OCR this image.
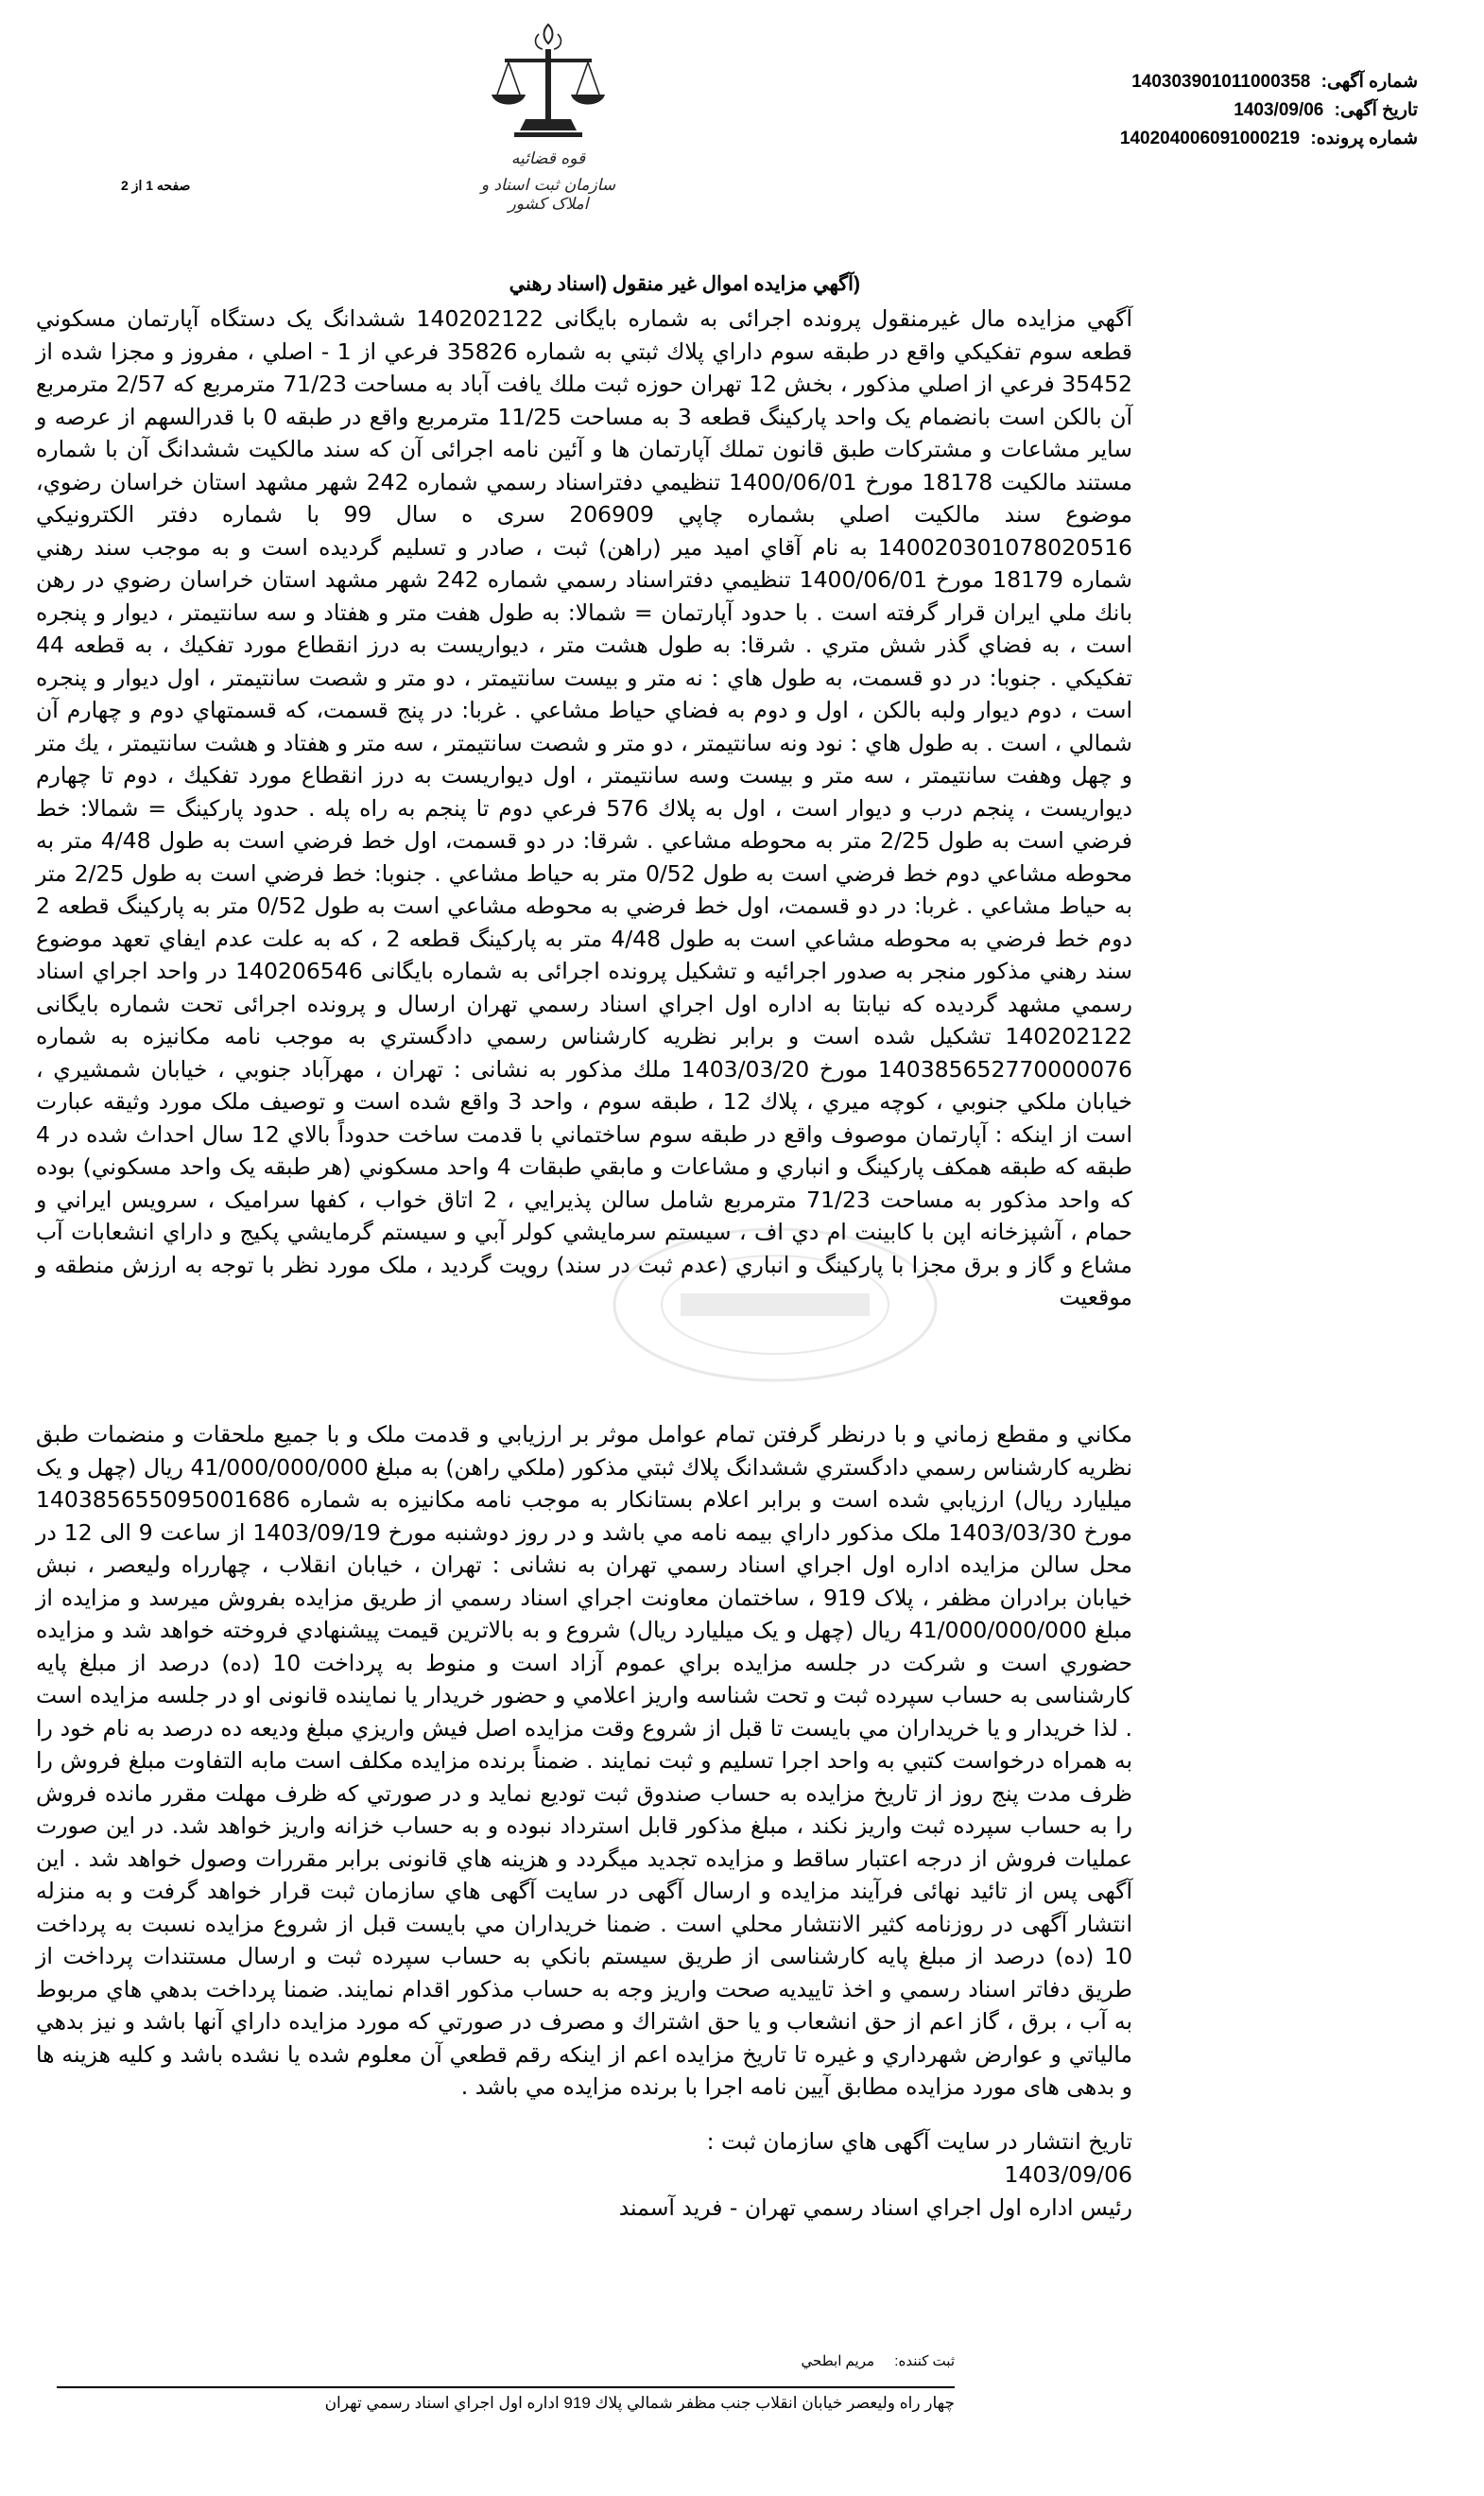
شماره آگهی: 140303901011000358
تاريخ آگهی: 1403/09/06
شماره پرونده: 140204006091000219
قوه قضائیه
سازمان ثبت اسناد و املاک کشور
صفحه 1 از 2
(آگهي مزايده اموال غير منقول (اسناد رهني
آگهي مزايده مال غيرمنقول پرونده اجرائی به شماره بایگانی 140202122 ششدانگ يک دستگاه آپارتمان مسكوني قطعه سوم تفكيكي واقع در طبقه سوم داراي پلاك ثبتي به شماره 35826 فرعي از 1 - اصلي ، مفروز و مجزا شده از 35452 فرعي از اصلي مذكور ، بخش 12 تهران حوزه ثبت ملك يافت آباد به مساحت 71/23 مترمربع كه 2/57 مترمربع آن بالكن است بانضمام یک واحد پاركينگ قطعه 3 به مساحت 11/25 مترمربع واقع در طبقه 0 با قدرالسهم از عرصه و ساير مشاعات و مشتركات طبق قانون تملك آپارتمان ها و آئين نامه اجرائی آن كه سند مالكيت ششدانگ آن با شماره مستند مالكيت 18178 مورخ 1400/06/01 تنظيمي دفتراسناد رسمي شماره 242 شهر مشهد استان خراسان رضوي، موضوع سند مالكيت اصلي بشماره چاپي 206909 سری ه سال 99 با شماره دفتر الكترونيكي 140020301078020516 به نام آقاي اميد مير (راهن) ثبت ، صادر و تسليم گرديده است و به موجب سند رهني شماره 18179 مورخ 1400/06/01 تنظيمي دفتراسناد رسمي شماره 242 شهر مشهد استان خراسان رضوي در رهن بانك ملي ايران قرار گرفته است . با حدود آپارتمان = شمالا: به طول هفت متر و هفتاد و سه سانتيمتر ، ديوار و پنجره است ، به فضاي گذر شش متري . شرقا: به طول هشت متر ، ديواريست به درز انقطاع مورد تفكيك ، به قطعه 44 تفكيكي . جنوبا: در دو قسمت، به طول هاي : نه متر و بيست سانتيمتر ، دو متر و شصت سانتيمتر ، اول ديوار و پنجره است ، دوم ديوار ولبه بالكن ، اول و دوم به فضاي حياط مشاعي . غربا: در پنج قسمت، كه قسمتهاي دوم و چهارم آن شمالي ، است . به طول هاي : نود ونه سانتيمتر ، دو متر و شصت سانتيمتر ، سه متر و هفتاد و هشت سانتيمتر ، يك متر و چهل وهفت سانتيمتر ، سه متر و بيست وسه سانتيمتر ، اول ديواريست به درز انقطاع مورد تفكيك ، دوم تا چهارم ديواريست ، پنجم درب و ديوار است ، اول به پلاك 576 فرعي دوم تا پنجم به راه پله . حدود پاركينگ = شمالا: خط فرضي است به طول 2/25 متر به محوطه مشاعي . شرقا: در دو قسمت، اول خط فرضي است به طول 4/48 متر به محوطه مشاعي دوم خط فرضي است به طول 0/52 متر به حياط مشاعي . جنوبا: خط فرضي است به طول 2/25 متر به حياط مشاعي . غربا: در دو قسمت، اول خط فرضي به محوطه مشاعي است به طول 0/52 متر به پاركينگ قطعه 2 دوم خط فرضي به محوطه مشاعي است به طول 4/48 متر به پاركينگ قطعه 2 ، كه به علت عدم ايفاي تعهد موضوع سند رهني مذكور منجر به صدور اجرائيه و تشكيل پرونده اجرائی به شماره بایگانی 140206546 در واحد اجراي اسناد رسمي مشهد گرديده كه نيابتا به اداره اول اجراي اسناد رسمي تهران ارسال و پرونده اجرائی تحت شماره بایگانی 140202122 تشكيل شده است و برابر نظريه كارشناس رسمي دادگستري به موجب نامه مكانيزه به شماره 140385652770000076 مورخ 1403/03/20 ملك مذكور به نشانی : تهران ، مهرآباد جنوبي ، خيابان شمشيري ، خيابان ملكي جنوبي ، كوچه ميري ، پلاك 12 ، طبقه سوم ، واحد 3 واقع شده است و توصيف ملک مورد وثيقه عبارت است از اينكه : آپارتمان موصوف واقع در طبقه سوم ساختماني با قدمت ساخت حدوداً بالاي 12 سال احداث شده در 4 طبقه كه طبقه همكف پاركينگ و انباري و مشاعات و مابقي طبقات 4 واحد مسكوني (هر طبقه يک واحد مسكوني) بوده كه واحد مذكور به مساحت 71/23 مترمربع شامل سالن پذيرايي ، 2 اتاق خواب ، كفها سراميک ، سرويس ايراني و حمام ، آشپزخانه اپن با كابينت ام دي اف ، سيستم سرمايشي كولر آبي و سيستم گرمايشي پكيج و داراي انشعابات آب مشاع و گاز و برق مجزا با پاركينگ و انباري (عدم ثبت در سند) رويت گرديد ، ملک مورد نظر با توجه به ارزش منطقه و موقعيت
مكاني و مقطع زماني و با درنظر گرفتن تمام عوامل موثر بر ارزيابي و قدمت ملک و با جميع ملحقات و منضمات طبق نظريه كارشناس رسمي دادگستري ششدانگ پلاك ثبتي مذكور (ملكي راهن) به مبلغ 41/000/000/000 ريال (چهل و يک ميليارد ريال) ارزيابي شده است و برابر اعلام بستانكار به موجب نامه مكانيزه به شماره 140385655095001686 مورخ 1403/03/30 ملک مذكور داراي بيمه نامه مي باشد و در روز دوشنبه مورخ 1403/09/19 از ساعت 9 الی 12 در محل سالن مزايده اداره اول اجراي اسناد رسمي تهران به نشانی : تهران ، خيابان انقلاب ، چهارراه وليعصر ، نبش خيابان برادران مظفر ، پلاک 919 ، ساختمان معاونت اجراي اسناد رسمي از طريق مزايده بفروش ميرسد و مزايده از مبلغ 41/000/000/000 ريال (چهل و يک ميليارد ريال) شروع و به بالاترين قيمت پيشنهادي فروخته خواهد شد و مزايده حضوري است و شركت در جلسه مزايده براي عموم آزاد است و منوط به پرداخت 10 (ده) درصد از مبلغ پايه كارشناسی به حساب سپرده ثبت و تحت شناسه واريز اعلامي و حضور خريدار يا نماينده قانونی او در جلسه مزايده است . لذا خريدار و يا خريداران مي بايست تا قبل از شروع وقت مزايده اصل فيش واريزي مبلغ وديعه ده درصد به نام خود را به همراه درخواست كتبي به واحد اجرا تسليم و ثبت نمايند . ضمناً برنده مزايده مكلف است مابه التفاوت مبلغ فروش را ظرف مدت پنج روز از تاريخ مزايده به حساب صندوق ثبت توديع نمايد و در صورتي كه ظرف مهلت مقرر مانده فروش را به حساب سپرده ثبت واريز نكند ، مبلغ مذكور قابل استرداد نبوده و به حساب خزانه واريز خواهد شد. در اين صورت عمليات فروش از درجه اعتبار ساقط و مزايده تجديد ميگردد و هزينه هاي قانونی برابر مقررات وصول خواهد شد . اين آگهی پس از تائيد نهائی فرآيند مزايده و ارسال آگهی در سايت آگهی هاي سازمان ثبت قرار خواهد گرفت و به منزله انتشار آگهی در روزنامه كثير الانتشار محلي است . ضمنا خريداران مي بايست قبل از شروع مزايده نسبت به پرداخت 10 (ده) درصد از مبلغ پايه كارشناسی از طريق سيستم بانكي به حساب سپرده ثبت و ارسال مستندات پرداخت از طريق دفاتر اسناد رسمي و اخذ تاييديه صحت واريز وجه به حساب مذكور اقدام نمايند. ضمنا پرداخت بدهي هاي مربوط به آب ، برق ، گاز اعم از حق انشعاب و يا حق اشتراك و مصرف در صورتي كه مورد مزايده داراي آنها باشد و نيز بدهي مالياتي و عوارض شهرداري و غيره تا تاريخ مزايده اعم از اينكه رقم قطعي آن معلوم شده يا نشده باشد و كليه هزينه ها و بدهی های مورد مزايده مطابق آيين نامه اجرا با برنده مزايده مي باشد .
تاريخ انتشار در سايت آگهی هاي سازمان ثبت :
1403/09/06
رئيس اداره اول اجراي اسناد رسمي تهران - فريد آسمند
ثبت کننده:
مريم ابطحي
چهار راه وليعصر خيابان انقلاب جنب مظفر شمالي پلاك 919 اداره اول اجراي اسناد رسمي تهران
